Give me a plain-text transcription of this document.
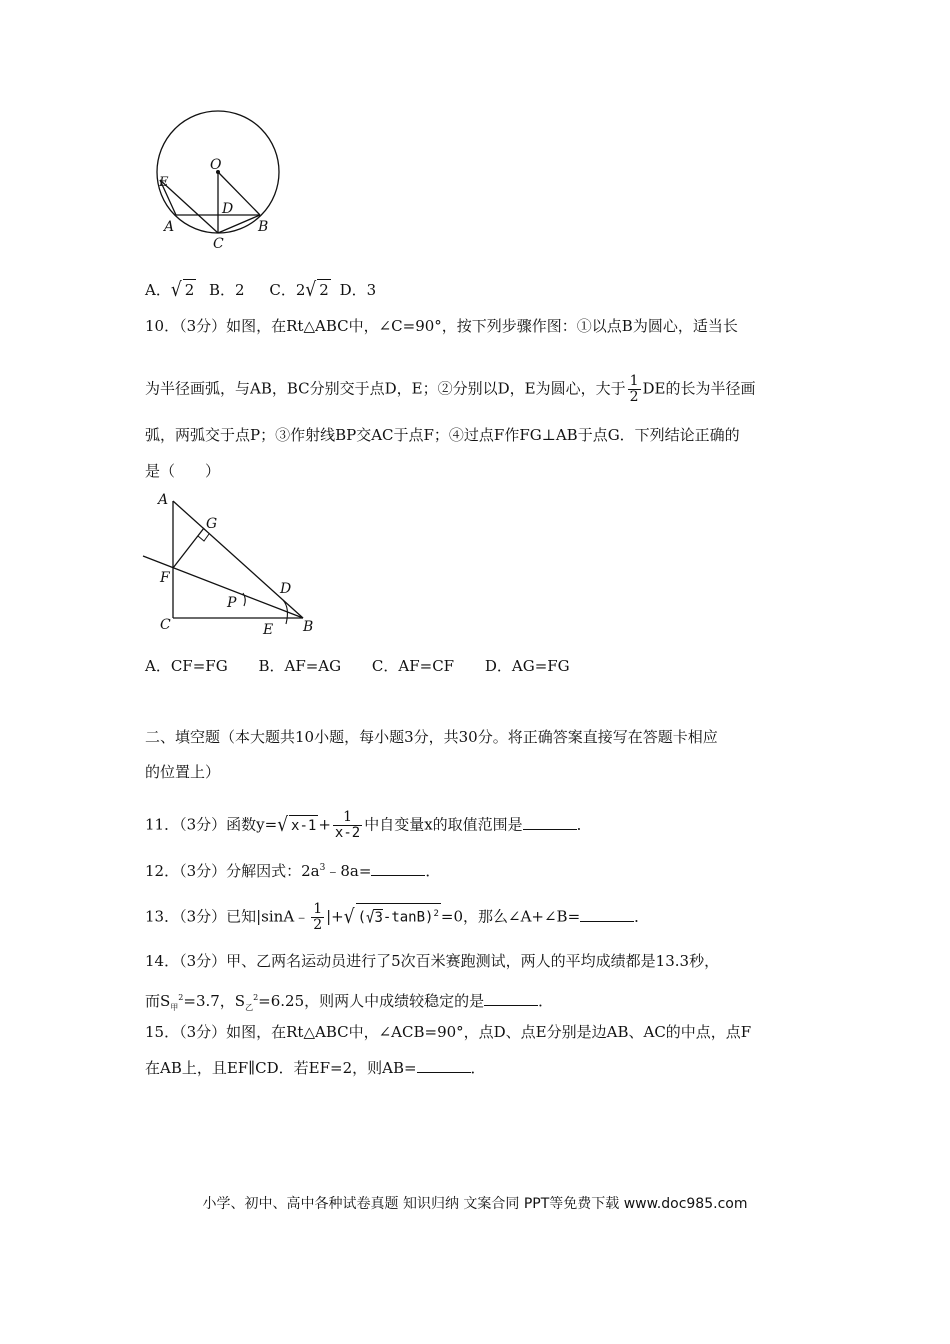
O
E
D
A
C
B
A．√ 2 B．2 C．2√ 2 D．3
10．（3分）如图，在Rt△ABC中，∠C=90°，按下列步骤作图：①以点B为圆心，适当长
为半径画弧，与AB，BC分别交于点D，E；②分别以D，E为圆心，大于 $\frac{1}{2}$ DE的长为半径画
弧，两弧交于点P；③作射线BP交AC于点F；④过点F作FG⊥AB于点G．下列结论正确的
是（　　）
A
G
F
D
P
C	E B
A．CF=FG B．AF=AG C．AF=CF D．AG=FG
二、填空题（本大题共10小题，每小题3分，共30分。将正确答案直接写在答题卡相应
的位置上）
11．（3分）函数y=√ $x-1 + \frac{1}{x-2}$ 中自变量x的取值范围是	．
12．（3分）分解因式：$2a^3﹣8a=$	．
13．（3分）已知|sinA﹣ $\frac{1}{2}$ |+√ $(√3-\tan B)^2 =0$，那么∠A+∠B=	．
14．（3分）甲、乙两名运动员进行了5次百米赛跑测试，两人的平均成绩都是13.3秒，
而$S_甲^2=3.7$，$S_乙^2=6.25$，则两人中成绩较稳定的是	．
15．（3分）如图，在Rt△ABC中，∠ACB=90°，点D、点E分别是边AB、AC的中点，点F
在AB上，且EF∥CD．若EF=2，则AB=	．
小学、初中、高中各种试卷真题 知识归纳 文案合同 PPT等免费下载 www.doc985.com
